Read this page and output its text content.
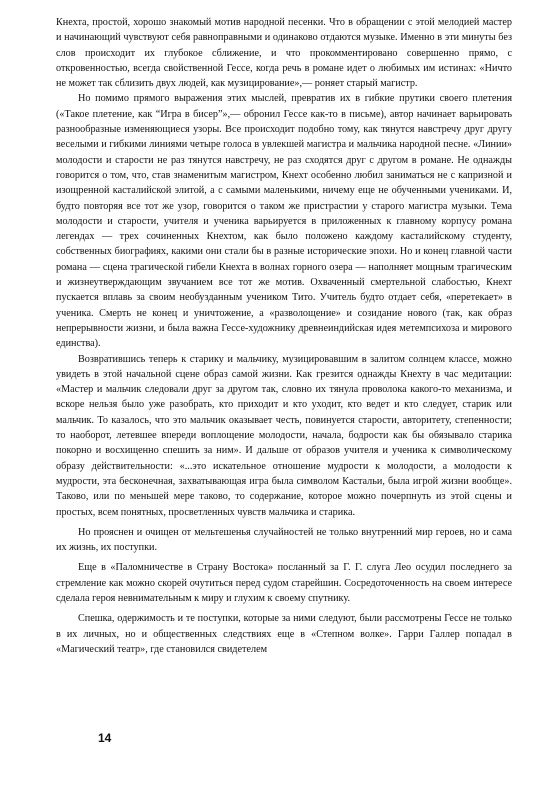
Кнехта, простой, хорошо знакомый мотив народной песенки. Что в обращении с этой мелодией мастер и начинающий чувствуют себя равноправными и одинаково отдаются музыке. Именно в эти минуты без слов происходит их глубокое сближение, и что прокомментировано совершенно прямо, с откровенностью, всегда свойственной Гессе, когда речь в романе идет о любимых им истинах: «Ничто не может так сблизить двух людей, как музицирование»,— роняет старый магистр.

Но помимо прямого выражения этих мыслей, превратив их в гибкие прутики своего плетения («Такое плетение, как “Игра в бисер”»,— обронил Гессе как-то в письме), автор начинает варьировать разнообразные изменяющиеся узоры. Все происходит подобно тому, как тянутся навстречу друг другу веселыми и гибкими линиями четыре голоса в увлекшей магистра и мальчика народной песне. «Линии» молодости и старости не раз тянутся навстречу, не раз сходятся друг с другом в романе. Не однажды говорится о том, что, став знаменитым магистром, Кнехт особенно любил заниматься не с капризной и изощренной касталийской элитой, а с самыми маленькими, ничему еще не обученными учениками. И, будто повторяя все тот же узор, говорится о таком же пристрастии у старого магистра музыки. Тема молодости и старости, учителя и ученика варьируется в приложенных к главному корпусу романа легендах — трех сочиненных Кнехтом, как было положено каждому касталийскому студенту, собственных биографиях, какими они стали бы в разные исторические эпохи. Но и конец главной части романа — сцена трагической гибели Кнехта в волнах горного озера — наполняет мощным трагическим и жизнеутверждающим звучанием все тот же мотив. Охваченный смертельной слабостью, Кнехт пускается вплавь за своим необузданным учеником Тито. Учитель будто отдает себя, «перетекает» в ученика. Смерть не конец и уничтожение, а «разволощение» и созидание нового (так, как образ непрерывности жизни, и была важна Гессе-художнику древнеиндийская идея метемпсихоза и мирового единства).

Возвратившись теперь к старику и мальчику, музицировавшим в залитом солнцем классе, можно увидеть в этой начальной сцене образ самой жизни. Как грезится однажды Кнехту в час медитации: «Мастер и мальчик следовали друг за другом так, словно их тянула проволока какого-то механизма, и вскоре нельзя было уже разобрать, кто приходит и кто уходит, кто ведет и кто следует, старик или мальчик. То казалось, что это мальчик оказывает честь, повинуется старости, авторитету, степенности; то наоборот, летевшее впереди воплощение молодости, начала, бодрости как бы обязывало старика покорно и восхищенно спешить за ним». И дальше от образов учителя и ученика к символическому образу действительности: «...это искательное отношение мудрости к молодости, а молодости к мудрости, эта бесконечная, захватывающая игра была символом Кастальи, была игрой жизни вообще». Таково, или по меньшей мере таково, то содержание, которое можно почерпнуть из этой сцены и простых, всем понятных, просветленных чувств мальчика и старика.

Но прояснен и очищен от мельтешенья случайностей не только внутренний мир героев, но и сама их жизнь, их поступки.

Еще в «Паломничестве в Страну Востока» посланный за Г. Г. слуга Лео осудил последнего за стремление как можно скорей очутиться перед судом старейшин. Сосредоточенность на своем интересе сделала героя невнимательным к миру и глухим к своему спутнику.

Спешка, одержимость и те поступки, которые за ними следуют, были рассмотрены Гессе не только в их личных, но и общественных следствиях еще в «Степном волке». Гарри Галлер попадал в «Магический театр», где становился свидетелем

14
